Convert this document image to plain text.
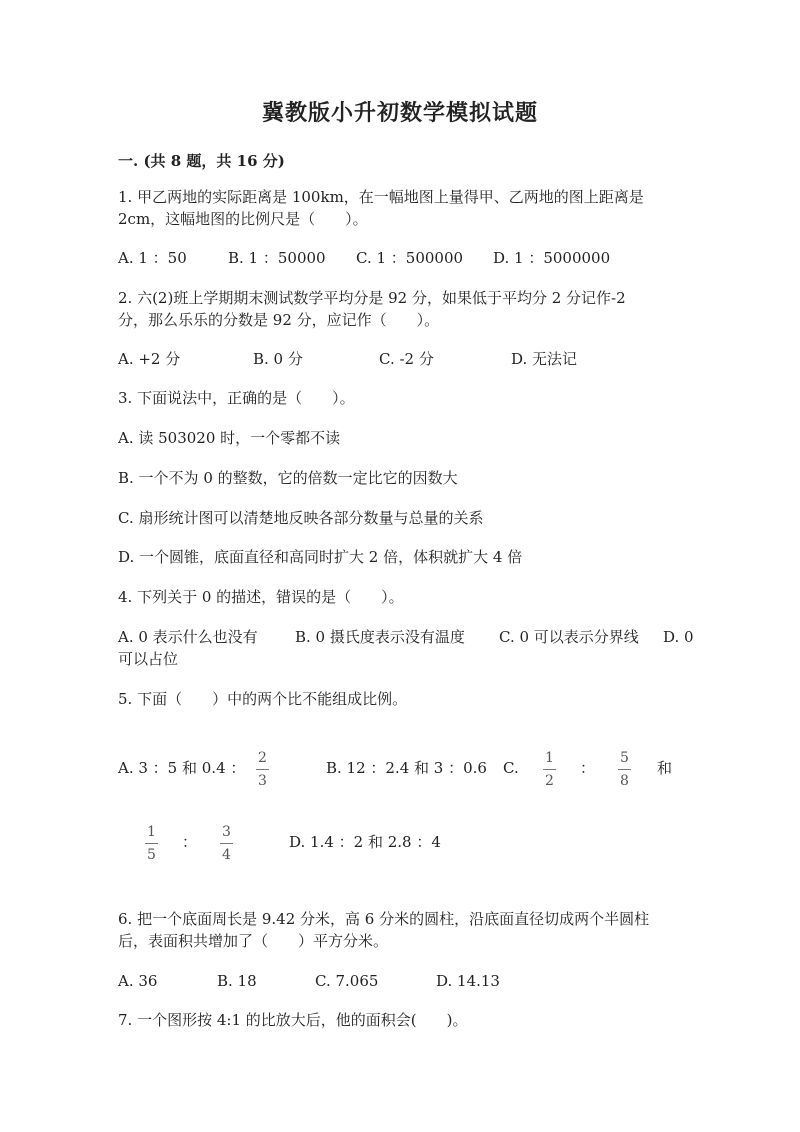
冀教版小升初数学模拟试题
一. (共 8 题，共 16 分)
1. 甲乙两地的实际距离是 100km，在一幅地图上量得甲、乙两地的图上距离是
2cm，这幅地图的比例尺是（　　）。
A. 1 ：50	B. 1 ：50000 C. 1 ：500000 D. 1 ：5000000
2. 六(2)班上学期期末测试数学平均分是 92 分，如果低于平均分 2 分记作-2
分，那么乐乐的分数是 92 分，应记作（　　）。
A. +2 分	B. 0 分	C. -2 分	D. 无法记
3. 下面说法中，正确的是（　　）。
A. 读 503020 时，一个零都不读
B. 一个不为 0 的整数，它的倍数一定比它的因数大
C. 扇形统计图可以清楚地反映各部分数量与总量的关系
D. 一个圆锥，底面直径和高同时扩大 2 倍，体积就扩大 4 倍
4. 下列关于 0 的描述，错误的是（　　）。
A. 0 表示什么也没有 B. 0 摄氏度表示没有温度 C. 0 可以表示分界线 D. 0
可以占位
5. 下面（　　）中的两个比不能组成比例。
A. 3 ：5 和 0.4 ：
2
3
B. 12 ：2.4 和 3 ：0.6 C.
1
2
：
5
8
和
1
5
：
3
4
D. 1.4 ：2 和 2.8 ：4
6. 把一个底面周长是 9.42 分米，高 6 分米的圆柱，沿底面直径切成两个半圆柱
后，表面积共增加了（　　）平方分米。
A. 36	B. 18	C. 7.065	D. 14.13
7. 一个图形按 4:1 的比放大后，他的面积会(　　)。
